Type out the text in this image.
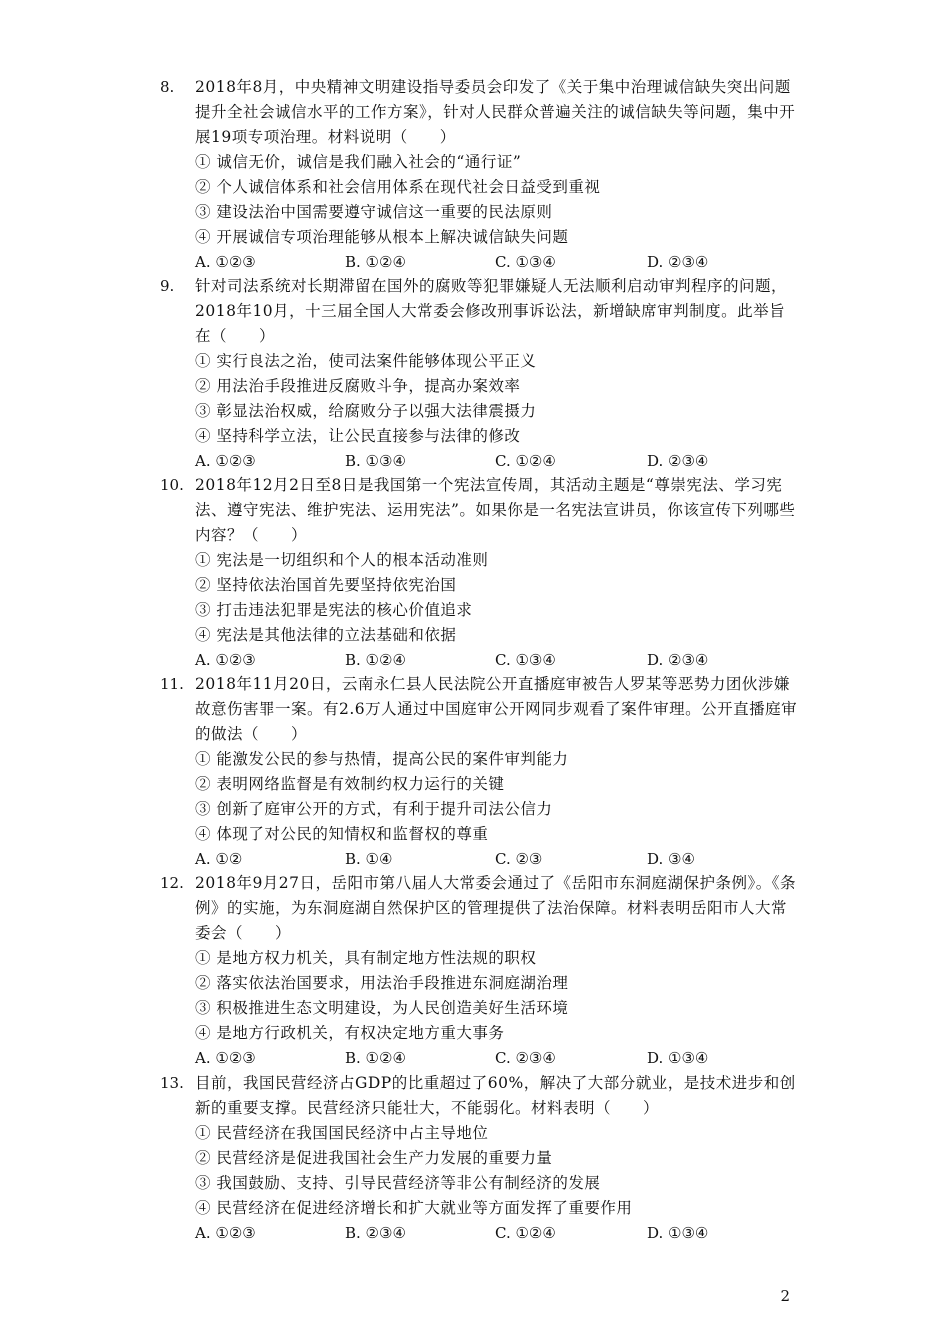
8. 2018年8月，中央精神文明建设指导委员会印发了《关于集中治理诚信缺失突出问题提升全社会诚信水平的工作方案》，针对人民群众普遍关注的诚信缺失等问题，集中开展19项专项治理。材料说明（　　）
① 诚信无价，诚信是我们融入社会的“通行证”
② 个人诚信体系和社会信用体系在现代社会日益受到重视
③ 建设法治中国需要遵守诚信这一重要的民法原则
④ 开展诚信专项治理能够从根本上解决诚信缺失问题
A. ①②③	B. ①②④	C. ①③④	D. ②③④
9. 针对司法系统对长期滞留在国外的腐败等犯罪嫌疑人无法顺利启动审判程序的问题，2018年10月，十三届全国人大常委会修改刑事诉讼法，新增缺席审判制度。此举旨在（　　）
① 实行良法之治，使司法案件能够体现公平正义
② 用法治手段推进反腐败斗争，提高办案效率
③ 彰显法治权威，给腐败分子以强大法律震摄力
④ 坚持科学立法，让公民直接参与法律的修改
A. ①②③	B. ①③④	C. ①②④	D. ②③④
10. 2018年12月2日至8日是我国第一个宪法宣传周，其活动主题是“尊崇宪法、学习宪法、遵守宪法、维护宪法、运用宪法”。如果你是一名宪法宣讲员，你该宣传下列哪些内容？（　　）
① 宪法是一切组织和个人的根本活动准则
② 坚持依法治国首先要坚持依宪治国
③ 打击违法犯罪是宪法的核心价值追求
④ 宪法是其他法律的立法基础和依据
A. ①②③	B. ①②④	C. ①③④	D. ②③④
11. 2018年11月20日，云南永仁县人民法院公开直播庭审被告人罗某等恶势力团伙涉嫌故意伤害罪一案。有2.6万人通过中国庭审公开网同步观看了案件审理。公开直播庭审的做法（　　）
① 能激发公民的参与热情，提高公民的案件审判能力
② 表明网络监督是有效制约权力运行的关键
③ 创新了庭审公开的方式，有利于提升司法公信力
④ 体现了对公民的知情权和监督权的尊重
A. ①②	B. ①④	C. ②③	D. ③④
12. 2018年9月27日，岳阳市第八届人大常委会通过了《岳阳市东洞庭湖保护条例》。《条例》的实施，为东洞庭湖自然保护区的管理提供了法治保障。材料表明岳阳市人大常委会（　　）
① 是地方权力机关，具有制定地方性法规的职权
② 落实依法治国要求，用法治手段推进东洞庭湖治理
③ 积极推进生态文明建设，为人民创造美好生活环境
④ 是地方行政机关，有权决定地方重大事务
A. ①②③	B. ①②④	C. ②③④	D. ①③④
13. 目前，我国民营经济占GDP的比重超过了60%，解决了大部分就业，是技术进步和创新的重要支撑。民营经济只能壮大，不能弱化。材料表明（　　）
① 民营经济在我国国民经济中占主导地位
② 民营经济是促进我国社会生产力发展的重要力量
③ 我国鼓励、支持、引导民营经济等非公有制经济的发展
④ 民营经济在促进经济增长和扩大就业等方面发挥了重要作用
A. ①②③	B. ②③④	C. ①②④	D. ①③④
2
